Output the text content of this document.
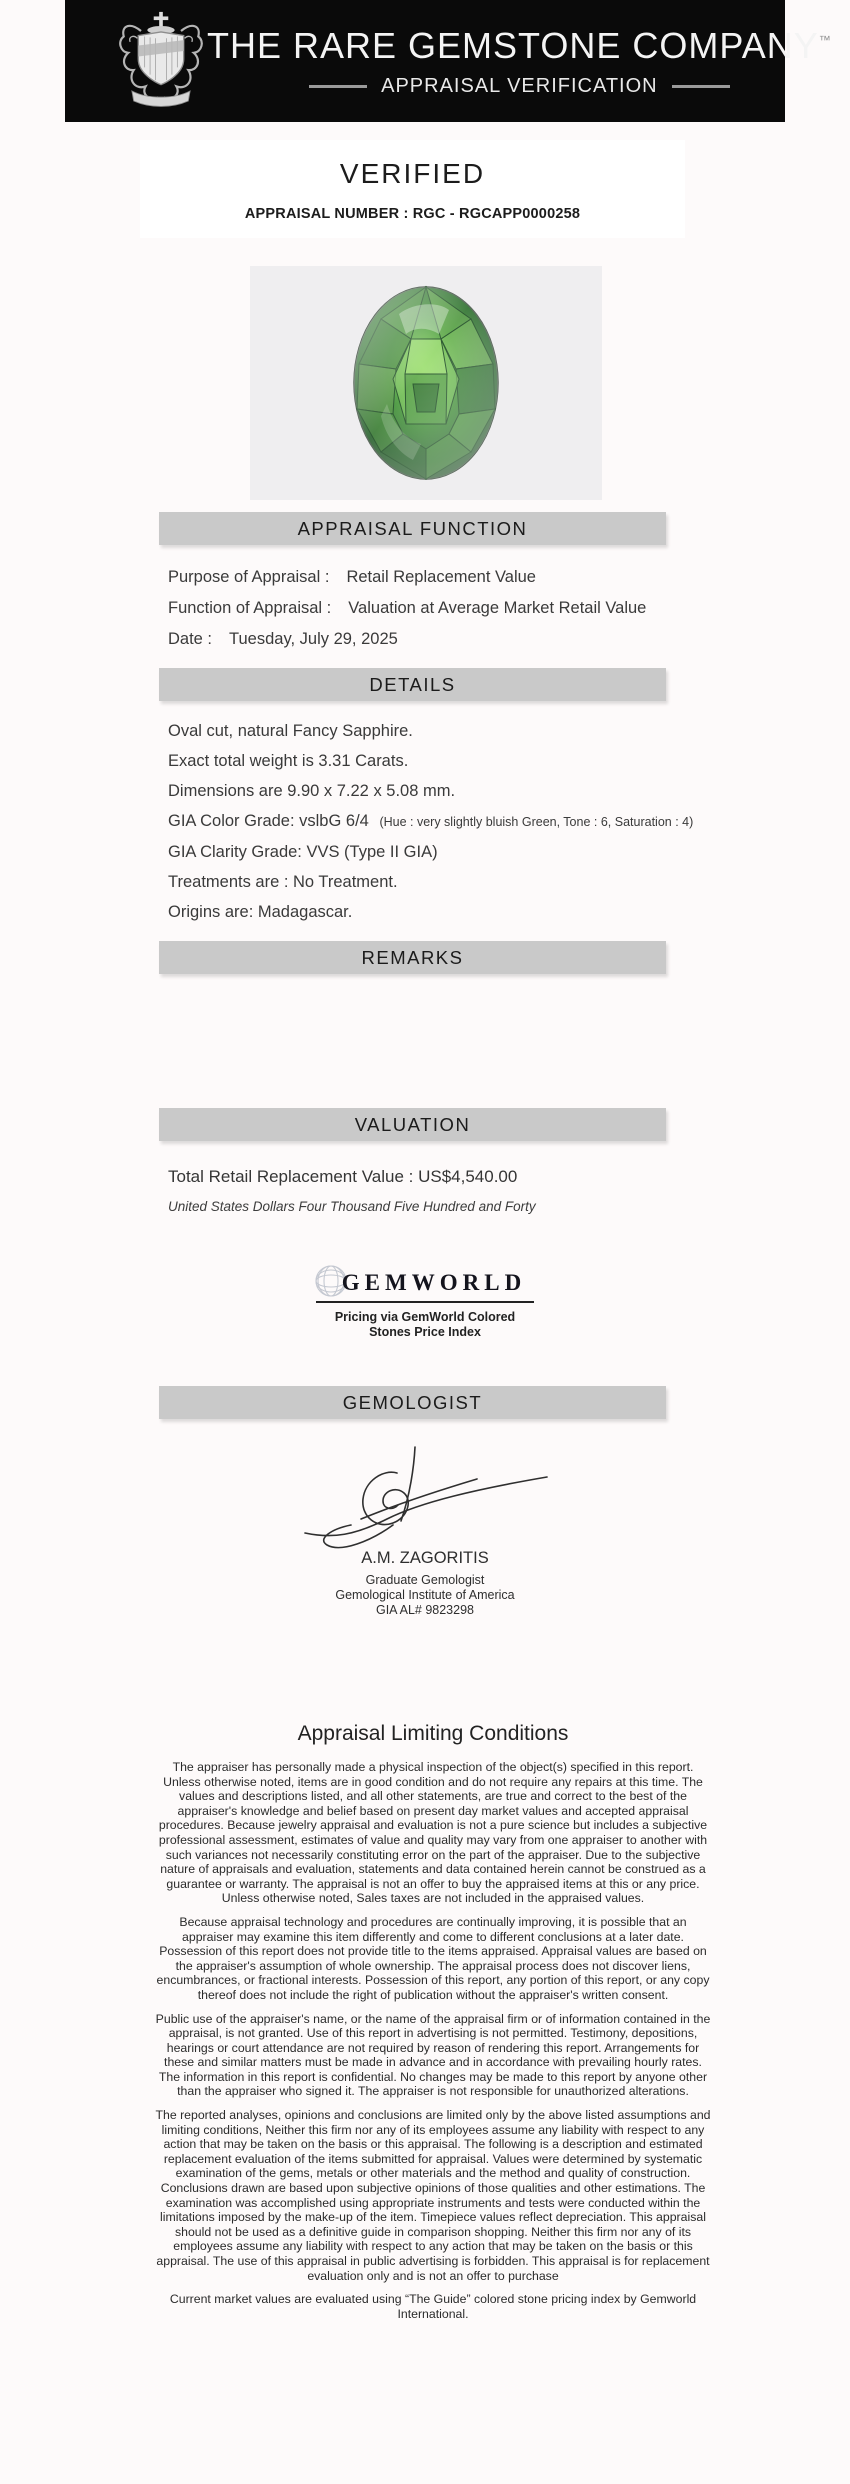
THE RARE GEMSTONE COMPANY™
APPRAISAL VERIFICATION
VERIFIED
APPRAISAL NUMBER : RGC - RGCAPP0000258
APPRAISAL FUNCTION
Purpose of Appraisal : Retail Replacement Value
Function of Appraisal : Valuation at Average Market Retail Value
Date : Tuesday, July 29, 2025
DETAILS
Oval cut, natural Fancy Sapphire.
Exact total weight is 3.31 Carats.
Dimensions are 9.90 x 7.22 x 5.08 mm.
GIA Color Grade: vslbG 6/4 (Hue : very slightly bluish Green, Tone : 6, Saturation : 4)
GIA Clarity Grade: VVS (Type II GIA)
Treatments are : No Treatment.
Origins are: Madagascar.
REMARKS
VALUATION
Total Retail Replacement Value : US$4,540.00
United States Dollars Four Thousand Five Hundred and Forty
GEMWORLD
Pricing via GemWorld Colored
Stones Price Index
GEMOLOGIST
A.M. ZAGORITIS
Graduate Gemologist
Gemological Institute of America
GIA AL# 9823298
Appraisal Limiting Conditions

The appraiser has personally made a physical inspection of the object(s) specified in this report. Unless otherwise noted, items are in good condition and do not require any repairs at this time. The values and descriptions listed, and all other statements, are true and correct to the best of the appraiser's knowledge and belief based on present day market values and accepted appraisal procedures. Because jewelry appraisal and evaluation is not a pure science but includes a subjective professional assessment, estimates of value and quality may vary from one appraiser to another with such variances not necessarily constituting error on the part of the appraiser. Due to the subjective nature of appraisals and evaluation, statements and data contained herein cannot be construed as a guarantee or warranty. The appraisal is not an offer to buy the appraised items at this or any price. Unless otherwise noted, Sales taxes are not included in the appraised values.

Because appraisal technology and procedures are continually improving, it is possible that an appraiser may examine this item differently and come to different conclusions at a later date. Possession of this report does not provide title to the items appraised. Appraisal values are based on the appraiser's assumption of whole ownership. The appraisal process does not discover liens, encumbrances, or fractional interests. Possession of this report, any portion of this report, or any copy thereof does not include the right of publication without the appraiser's written consent.

Public use of the appraiser's name, or the name of the appraisal firm or of information contained in the appraisal, is not granted. Use of this report in advertising is not permitted. Testimony, depositions, hearings or court attendance are not required by reason of rendering this report. Arrangements for these and similar matters must be made in advance and in accordance with prevailing hourly rates. The information in this report is confidential. No changes may be made to this report by anyone other than the appraiser who signed it. The appraiser is not responsible for unauthorized alterations.

The reported analyses, opinions and conclusions are limited only by the above listed assumptions and limiting conditions, Neither this firm nor any of its employees assume any liability with respect to any action that may be taken on the basis or this appraisal. The following is a description and estimated replacement evaluation of the items submitted for appraisal. Values were determined by systematic examination of the gems, metals or other materials and the method and quality of construction. Conclusions drawn are based upon subjective opinions of those qualities and other estimations. The examination was accomplished using appropriate instruments and tests were conducted within the limitations imposed by the make-up of the item. Timepiece values reflect depreciation. This appraisal should not be used as a definitive guide in comparison shopping. Neither this firm nor any of its employees assume any liability with respect to any action that may be taken on the basis or this appraisal. The use of this appraisal in public advertising is forbidden. This appraisal is for replacement evaluation only and is not an offer to purchase

Current market values are evaluated using “The Guide” colored stone pricing index by Gemworld International.
